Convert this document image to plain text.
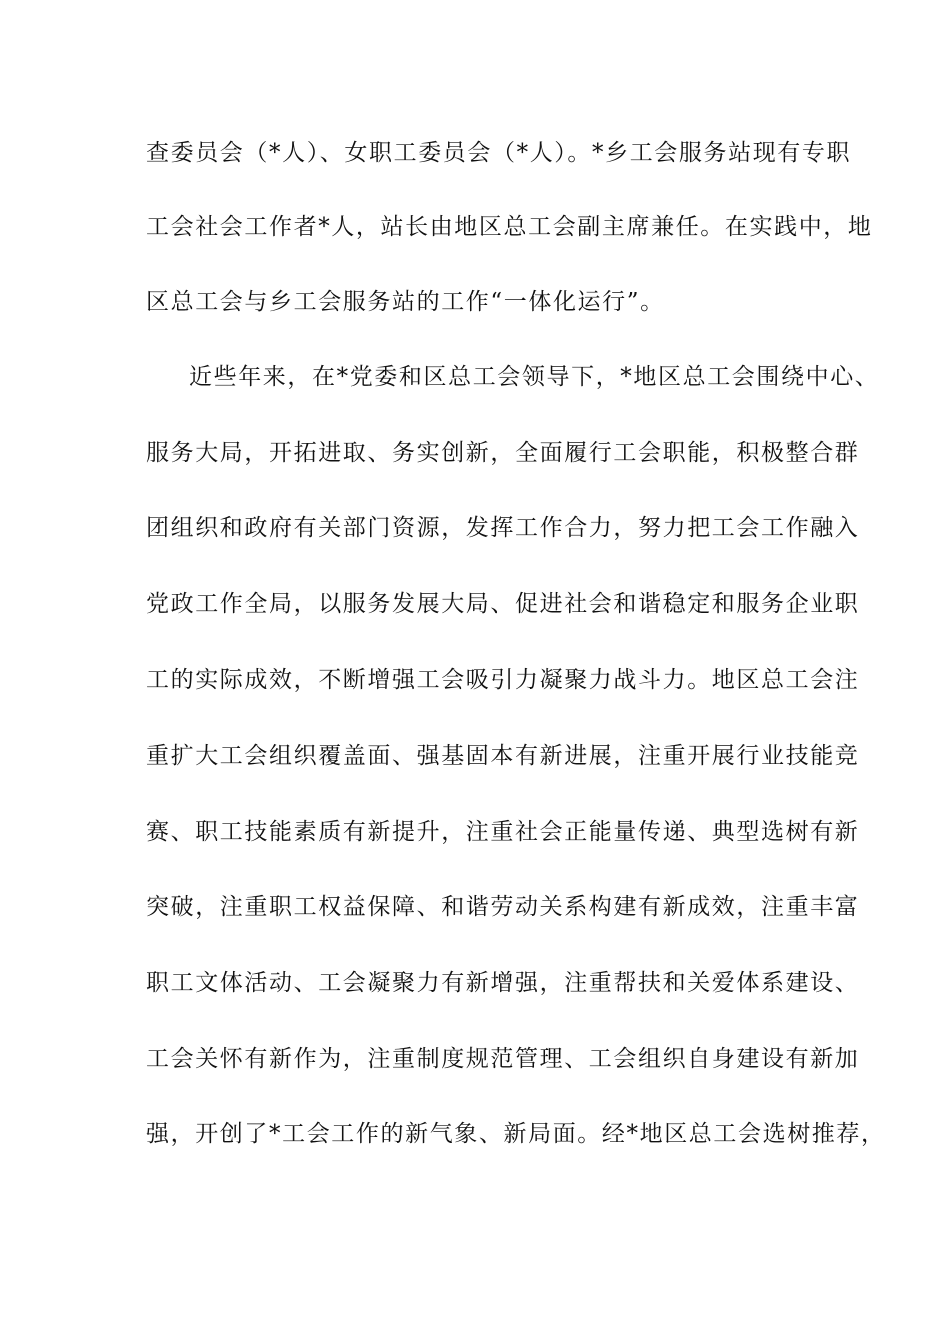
查委员会（*人）、女职工委员会（*人）。*乡工会服务站现有专职
工会社会工作者*人，站长由地区总工会副主席兼任。在实践中，地
区总工会与乡工会服务站的工作“一体化运行”。
近些年来，在*党委和区总工会领导下，*地区总工会围绕中心、
服务大局，开拓进取、务实创新，全面履行工会职能，积极整合群
团组织和政府有关部门资源，发挥工作合力，努力把工会工作融入
党政工作全局，以服务发展大局、促进社会和谐稳定和服务企业职
工的实际成效，不断增强工会吸引力凝聚力战斗力。地区总工会注
重扩大工会组织覆盖面、强基固本有新进展，注重开展行业技能竞
赛、职工技能素质有新提升，注重社会正能量传递、典型选树有新
突破，注重职工权益保障、和谐劳动关系构建有新成效，注重丰富
职工文体活动、工会凝聚力有新增强，注重帮扶和关爱体系建设、
工会关怀有新作为，注重制度规范管理、工会组织自身建设有新加
强，开创了*工会工作的新气象、新局面。经*地区总工会选树推荐，
